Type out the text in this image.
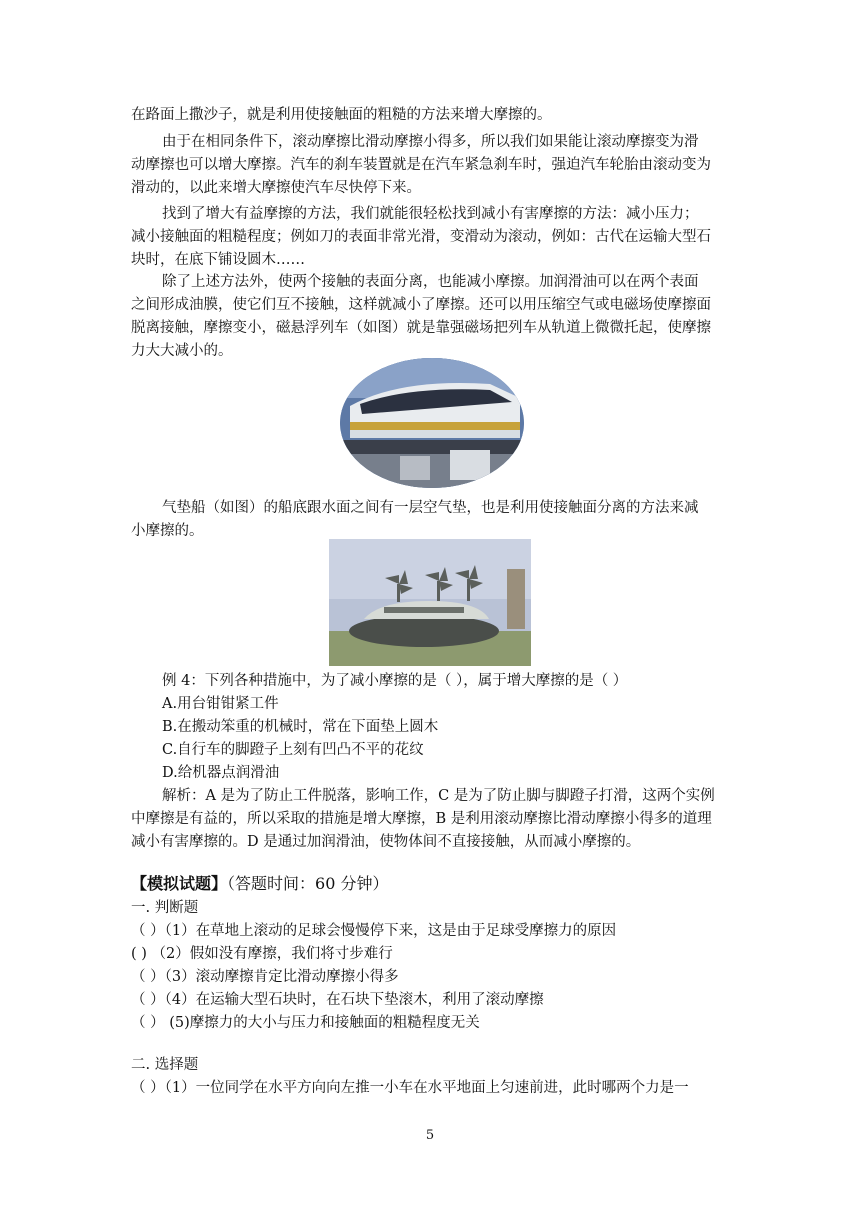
在路面上撒沙子，就是利用使接触面的粗糙的方法来增大摩擦的。
由于在相同条件下，滚动摩擦比滑动摩擦小得多，所以我们如果能让滚动摩擦变为滑
动摩擦也可以增大摩擦。汽车的刹车装置就是在汽车紧急刹车时，强迫汽车轮胎由滚动变为
滑动的，以此来增大摩擦使汽车尽快停下来。
找到了增大有益摩擦的方法，我们就能很轻松找到减小有害摩擦的方法：减小压力；
减小接触面的粗糙程度；例如刀的表面非常光滑，变滑动为滚动，例如：古代在运输大型石
块时，在底下铺设圆木……
除了上述方法外，使两个接触的表面分离，也能减小摩擦。加润滑油可以在两个表面
之间形成油膜，使它们互不接触，这样就减小了摩擦。还可以用压缩空气或电磁场使摩擦面
脱离接触，摩擦变小，磁悬浮列车（如图）就是靠强磁场把列车从轨道上微微托起，使摩擦
力大大减小的。
气垫船（如图）的船底跟水面之间有一层空气垫，也是利用使接触面分离的方法来减
小摩擦的。
例 4：下列各种措施中，为了减小摩擦的是（ ），属于增大摩擦的是（ ）
A.用台钳钳紧工件
B.在搬动笨重的机械时，常在下面垫上圆木
C.自行车的脚蹬子上刻有凹凸不平的花纹
D.给机器点润滑油
解析：A 是为了防止工件脱落，影响工作，C 是为了防止脚与脚蹬子打滑，这两个实例
中摩擦是有益的，所以采取的措施是增大摩擦，B 是利用滚动摩擦比滑动摩擦小得多的道理
减小有害摩擦的。D 是通过加润滑油，使物体间不直接接触，从而减小摩擦的。
【模拟试题】（答题时间：60 分钟）
一. 判断题
（ ）（1）在草地上滚动的足球会慢慢停下来，这是由于足球受摩擦力的原因
( ) （2）假如没有摩擦，我们将寸步难行
（ ）（3）滚动摩擦肯定比滑动摩擦小得多
（ ）（4）在运输大型石块时，在石块下垫滚木，利用了滚动摩擦
（ ） (5)摩擦力的大小与压力和接触面的粗糙程度无关
二. 选择题
（ ）（1）一位同学在水平方向向左推一小车在水平地面上匀速前进，此时哪两个力是一
5
